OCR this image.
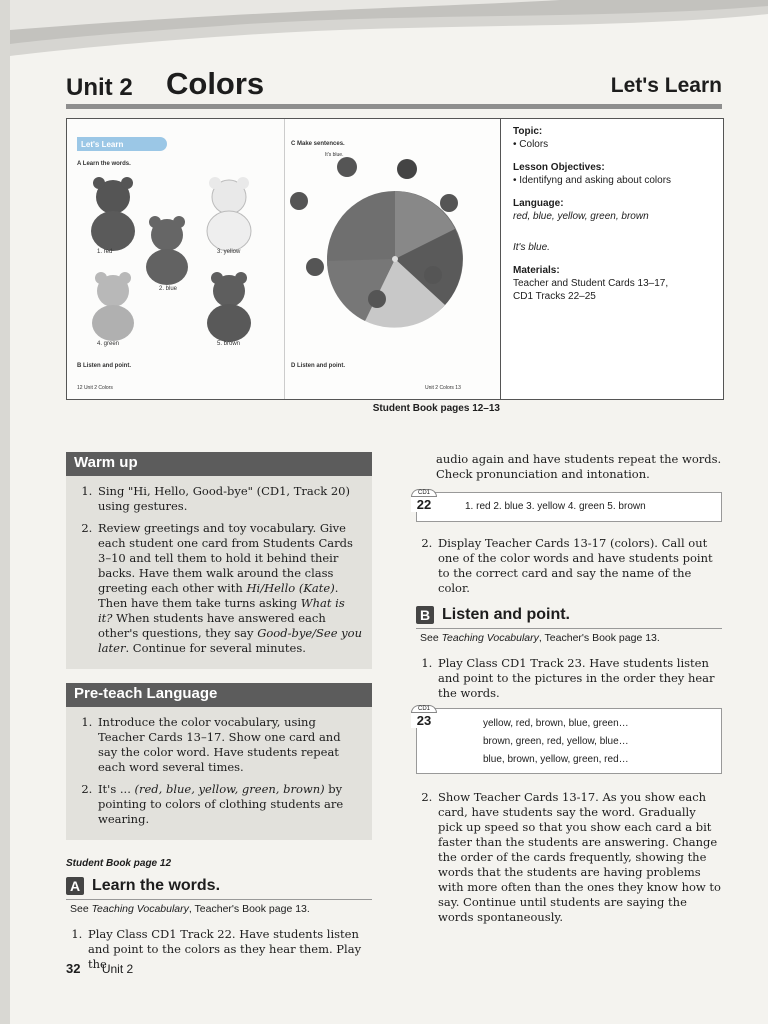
Unit 2 Colors	Let's Learn
Let's Learn
A Learn the words.
1. red
2. blue
3. yellow
4. green	5. brown
B Listen and point.
12 Unit 2 Colors
C Make sentences.
It's blue.
D Listen and point.
Unit 2 Colors 13
Student Book pages 12–13
Topic:
• Colors
Lesson Objectives:
• Identifyng and asking about colors
Language:
red, blue, yellow, green, brown
It's blue.
Materials:
Teacher and Student Cards 13–17,
CD1 Tracks 22–25
Warm up
1. Sing "Hi, Hello, Good-bye" (CD1, Track 20) using gestures.
2. Review greetings and toy vocabulary. Give each student one card from Students Cards 3–10 and tell them to hold it behind their backs. Have them walk around the class greeting each other with Hi/Hello (Kate). Then have them take turns asking What is it? When students have answered each other's questions, they say Good-bye/See you later. Continue for several minutes.
Pre-teach Language
1. Introduce the color vocabulary, using Teacher Cards 13–17. Show one card and say the color word. Have students repeat each word several times.
2. It's ... (red, blue, yellow, green, brown) by pointing to colors of clothing students are wearing.
Student Book page 12
A Learn the words.
See Teaching Vocabulary, Teacher's Book page 13.
1. Play Class CD1 Track 22. Have students listen and point to the colors as they hear them. Play the

audio again and have students repeat the words. Check pronunciation and intonation.

CD1
22	1. red 2. blue 3. yellow 4. green 5. brown
2. Display Teacher Cards 13-17 (colors). Call out one of the color words and have students point to the correct card and say the name of the color.
B Listen and point.
See Teaching Vocabulary, Teacher's Book page 13.
1. Play Class CD1 Track 23. Have students listen and point to the pictures in the order they hear the words.
CD1
23	yellow, red, brown, blue, green…
brown, green, red, yellow, blue…
blue, brown, yellow, green, red…
2. Show Teacher Cards 13-17. As you show each card, have students say the word. Gradually pick up speed so that you show each card a bit faster than the students are answering. Change the order of the cards frequently, showing the words that the students are having problems with more often than the ones they know how to say. Continue until students are saying the words spontaneously.
32 Unit 2
